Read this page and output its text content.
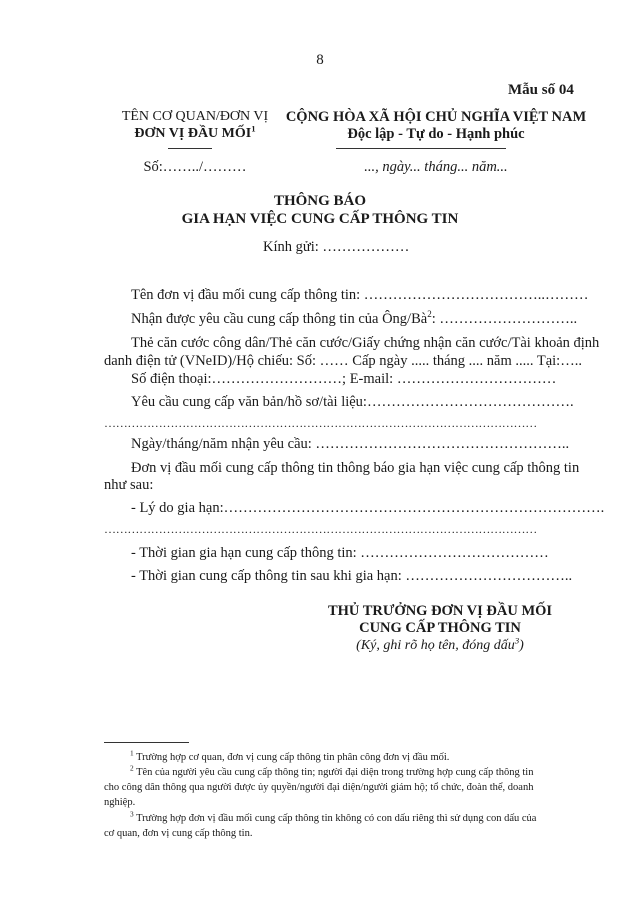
8
Mẫu số 04
TÊN CƠ QUAN/ĐƠN VỊ
ĐƠN VỊ ĐẦU MỐI$^1$
Số:……../………
CỘNG HÒA XÃ HỘI CHỦ NGHĨA VIỆT NAM
Độc lập - Tự do - Hạnh phúc
..., ngày... tháng... năm...
THÔNG BÁO
GIA HẠN VIỆC CUNG CẤP THÔNG TIN
Kính gửi: ………………
Tên đơn vị đầu mối cung cấp thông tin: ………………………………..………
Nhận được yêu cầu cung cấp thông tin của Ông/$Bà^2$: ………………………..
Thẻ căn cước công dân/Thẻ căn cước/Giấy chứng nhận căn cước/Tài khoản định
danh điện tử (VNeID)/Hộ chiếu: Số: …… Cấp ngày ..... tháng .... năm ..... Tại:…..
Số điện thoại:………………………; E-mail: ……………………………
Yêu cầu cung cấp văn bản/hồ sơ/tài liệu:…………………………………….
…………………………………………………………………………………………………
Ngày/tháng/năm nhận yêu cầu: ……………………………………………..
Đơn vị đầu mối cung cấp thông tin thông báo gia hạn việc cung cấp thông tin
như sau:
- Lý do gia hạn:…………………………………………………………………….
…………………………………………………………………………………………………
- Thời gian gia hạn cung cấp thông tin: …………………………………
- Thời gian cung cấp thông tin sau khi gia hạn: ……………………………..
THỦ TRƯỞNG ĐƠN VỊ ĐẦU MỐI
CUNG CẤP THÔNG TIN
(Ký, ghi rõ họ tên, đóng dấu$^3$)
$^1$ Trường hợp cơ quan, đơn vị cung cấp thông tin phân công đơn vị đầu mối.
$^2$ Tên của người yêu cầu cung cấp thông tin; người đại diện trong trường hợp cung cấp thông tin
cho công dân thông qua người được ủy quyền/người đại diện/người giám hộ; tổ chức, đoàn thể, doanh
nghiệp.
$^3$ Trường hợp đơn vị đầu mối cung cấp thông tin không có con dấu riêng thì sử dụng con dấu của
cơ quan, đơn vị cung cấp thông tin.
